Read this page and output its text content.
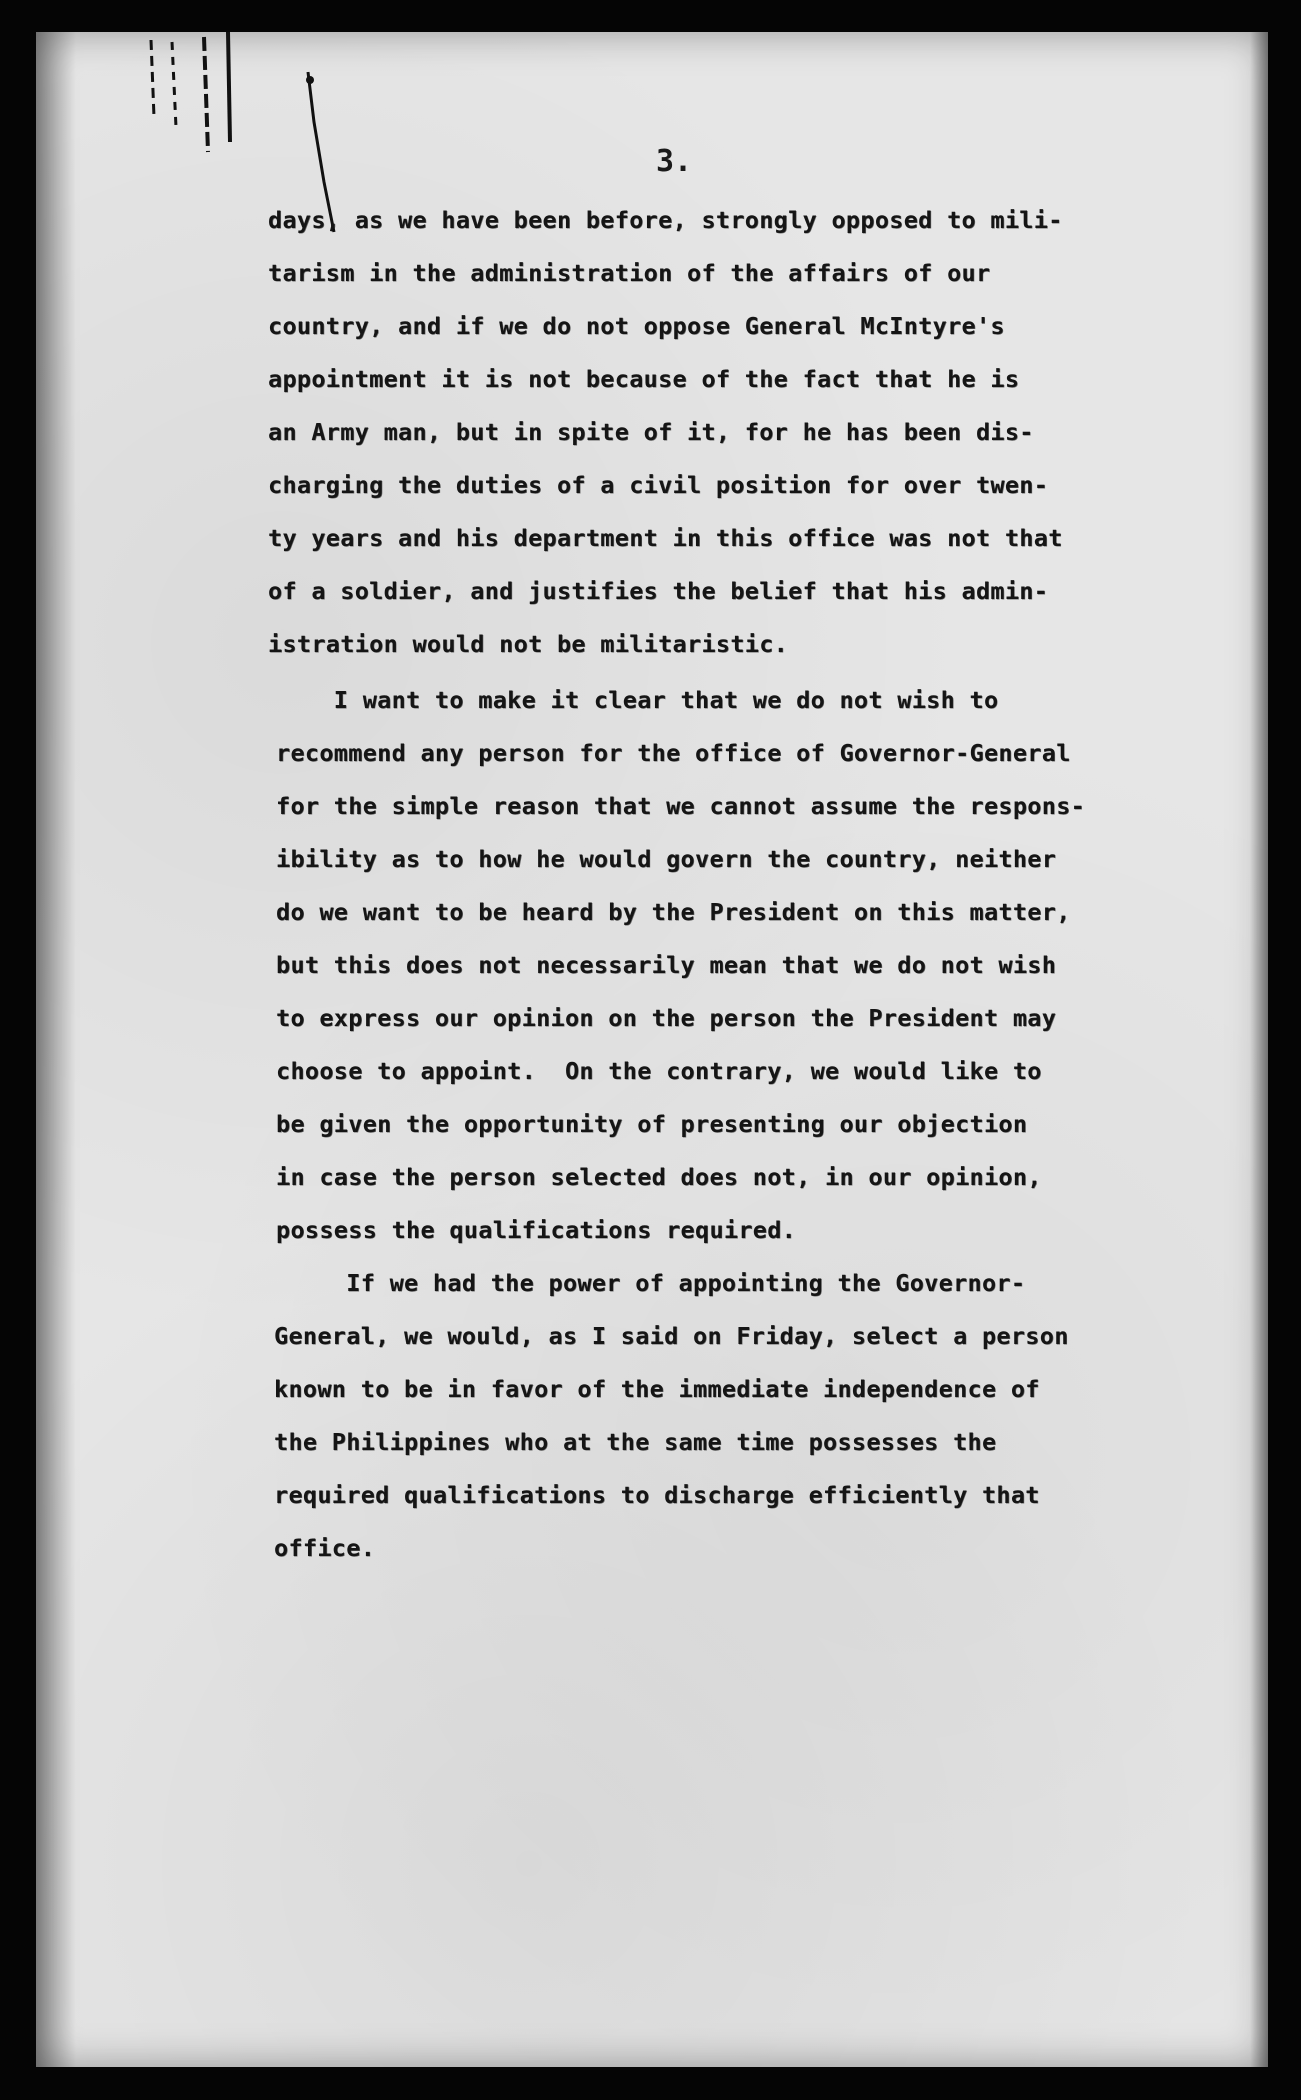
3.

days, as we have been before, strongly opposed to mili-

tarism in the administration of the affairs of our

country, and if we do not oppose General McIntyre's

appointment it is not because of the fact that he is

an Army man, but in spite of it, for he has been dis-

charging the duties of a civil position for over twen-

ty years and his department in this office was not that

of a soldier, and justifies the belief that his admin-

istration would not be militaristic.

I want to make it clear that we do not wish to

recommend any person for the office of Governor-General

for the simple reason that we cannot assume the respons-

ibility as to how he would govern the country, neither

do we want to be heard by the President on this matter,

but this does not necessarily mean that we do not wish

to express our opinion on the person the President may

choose to appoint.  On the contrary, we would like to

be given the opportunity of presenting our objection

in case the person selected does not, in our opinion,

possess the qualifications required.

If we had the power of appointing the Governor-

General, we would, as I said on Friday, select a person

known to be in favor of the immediate independence of

the Philippines who at the same time possesses the

required qualifications to discharge efficiently that

office.
